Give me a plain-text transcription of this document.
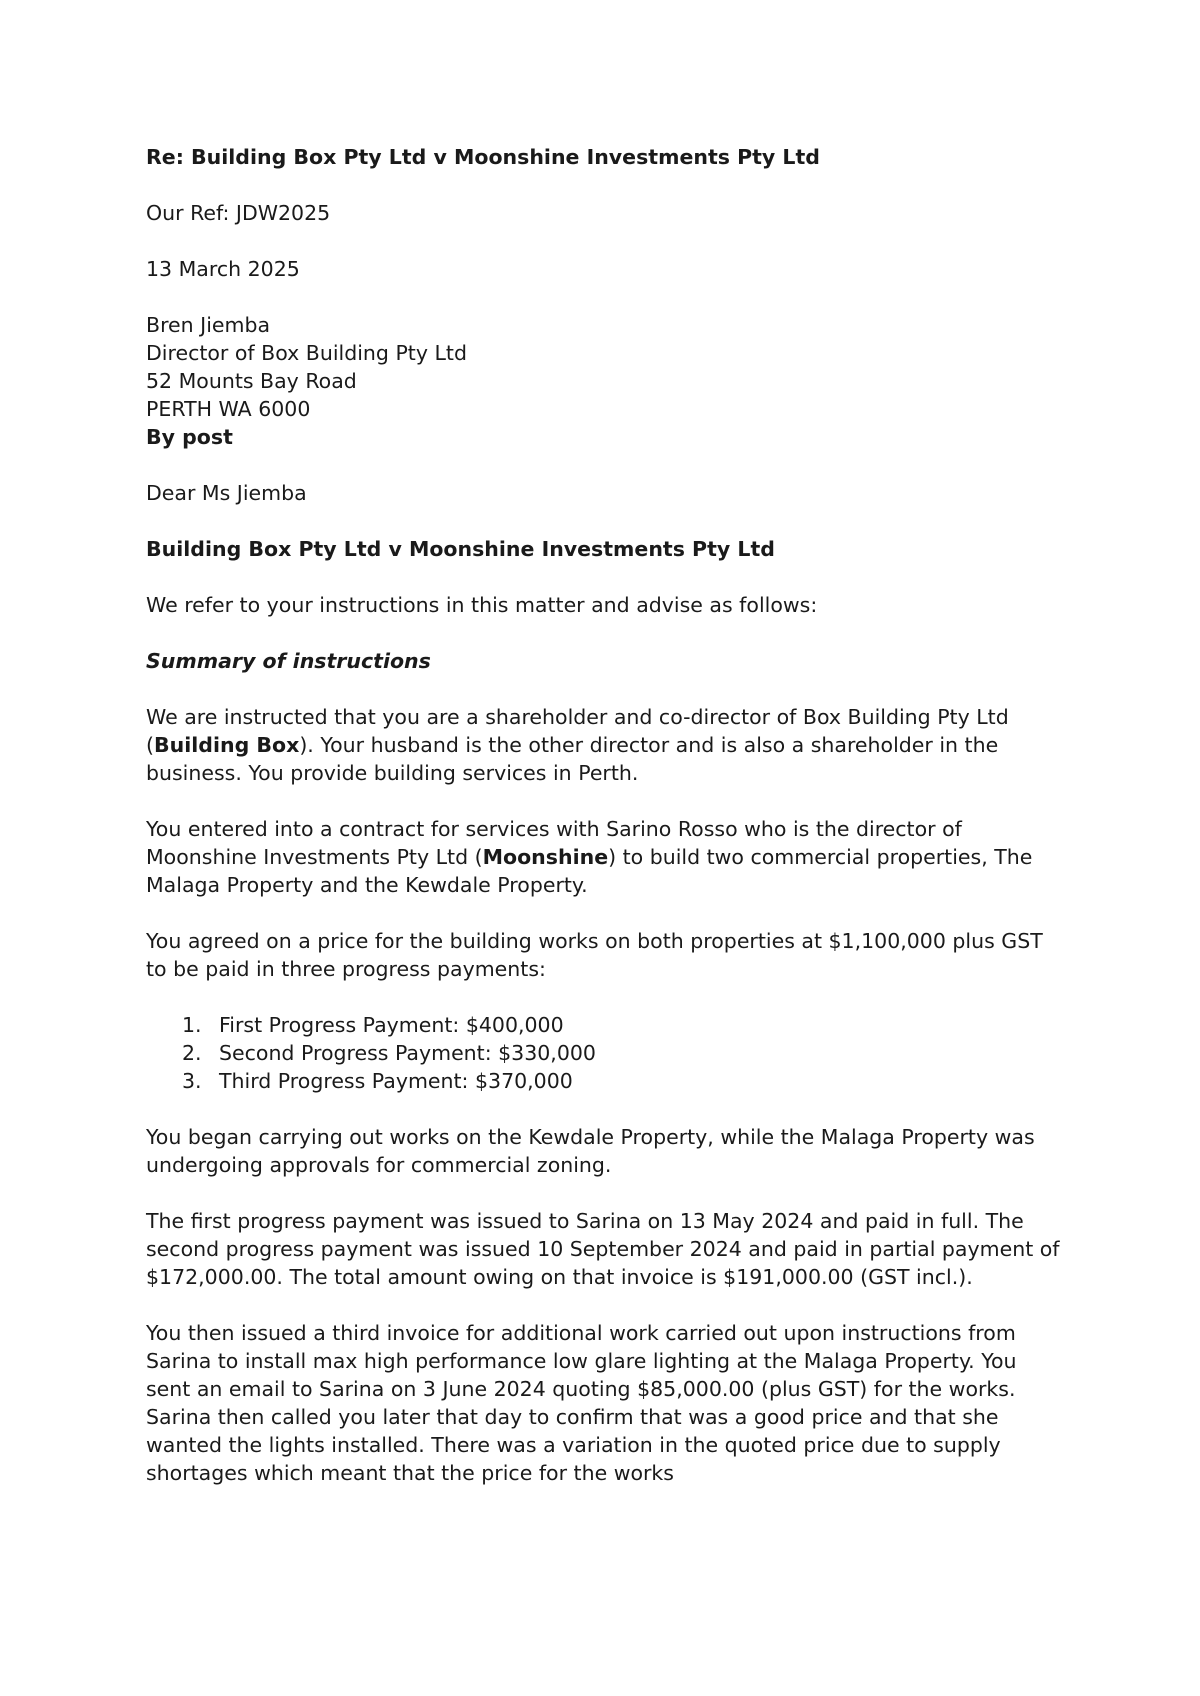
Re: Building Box Pty Ltd v Moonshine Investments Pty Ltd

Our Ref: JDW2025

13 March 2025

Bren Jiemba
Director of Box Building Pty Ltd
52 Mounts Bay Road
PERTH WA 6000
By post

Dear Ms Jiemba

Building Box Pty Ltd v Moonshine Investments Pty Ltd

We refer to your instructions in this matter and advise as follows:

Summary of instructions

We are instructed that you are a shareholder and co-director of Box Building Pty Ltd (Building Box). Your husband is the other director and is also a shareholder in the business. You provide building services in Perth.

You entered into a contract for services with Sarino Rosso who is the director of Moonshine Investments Pty Ltd (Moonshine) to build two commercial properties, The Malaga Property and the Kewdale Property.

You agreed on a price for the building works on both properties at $1,100,000 plus GST to be paid in three progress payments:

1. First Progress Payment: $400,000
2. Second Progress Payment: $330,000
3. Third Progress Payment: $370,000

You began carrying out works on the Kewdale Property, while the Malaga Property was undergoing approvals for commercial zoning.

The first progress payment was issued to Sarina on 13 May 2024 and paid in full. The second progress payment was issued 10 September 2024 and paid in partial payment of $172,000.00. The total amount owing on that invoice is $191,000.00 (GST incl.).

You then issued a third invoice for additional work carried out upon instructions from Sarina to install max high performance low glare lighting at the Malaga Property. You sent an email to Sarina on 3 June 2024 quoting $85,000.00 (plus GST) for the works. Sarina then called you later that day to confirm that was a good price and that she wanted the lights installed. There was a variation in the quoted price due to supply shortages which meant that the price for the works
